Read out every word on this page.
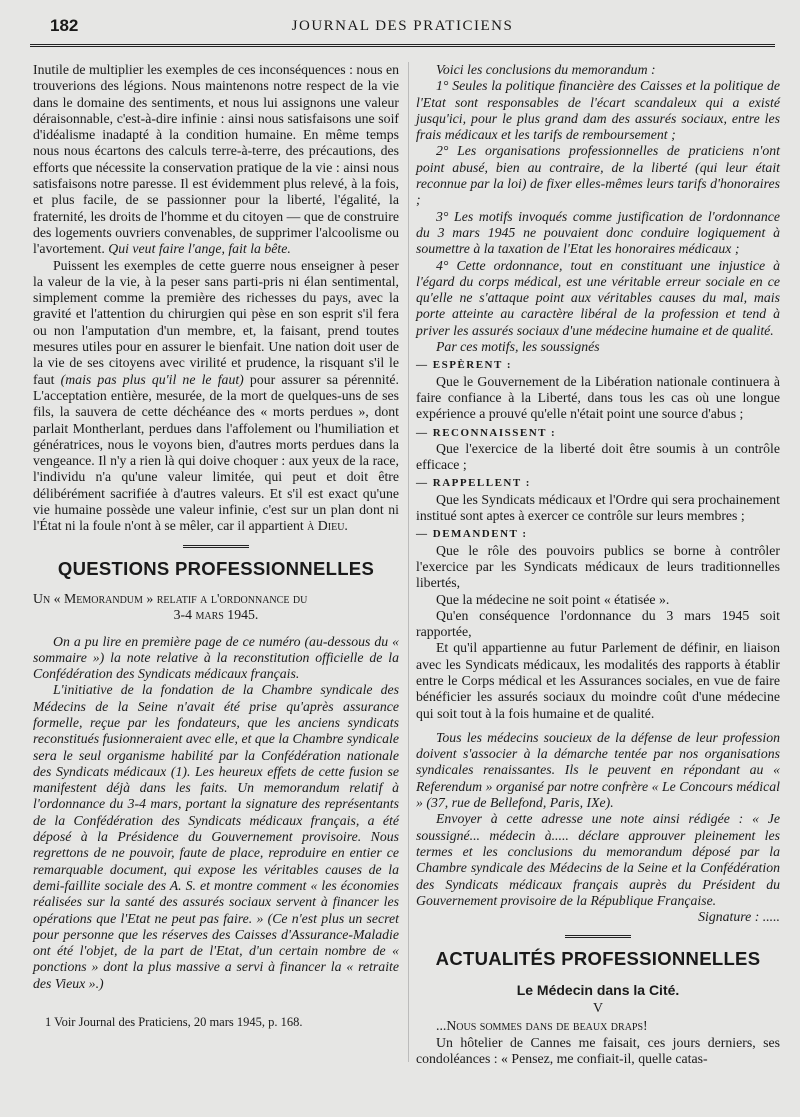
182	JOURNAL DES PRATICIENS

Inutile de multiplier les exemples de ces inconséquences : nous en trouverions des légions. Nous maintenons notre respect de la vie dans le domaine des sentiments, et nous lui assignons une valeur déraisonnable, c'est-à-dire infinie : ainsi nous satisfaisons une soif d'idéalisme inadapté à la condition humaine. En même temps nous nous écartons des calculs terre-à-terre, des précautions, des efforts que nécessite la conservation pratique de la vie : ainsi nous satisfaisons notre paresse. Il est évidemment plus relevé, à la fois, et plus facile, de se passionner pour la liberté, l'égalité, la fraternité, les droits de l'homme et du citoyen — que de construire des logements ouvriers convenables, de supprimer l'alcoolisme ou l'avortement. Qui veut faire l'ange, fait la bête.

Puissent les exemples de cette guerre nous enseigner à peser la valeur de la vie, à la peser sans parti-pris ni élan sentimental, simplement comme la première des richesses du pays, avec la gravité et l'attention du chirurgien qui pèse en son esprit s'il fera ou non l'amputation d'un membre, et, la faisant, prend toutes mesures utiles pour en assurer le bienfait. Une nation doit user de la vie de ses citoyens avec virilité et prudence, la risquant s'il le faut (mais pas plus qu'il ne le faut) pour assurer sa pérennité. L'acceptation entière, mesurée, de la mort de quelques-uns de ses fils, la sauvera de cette déchéance des « morts perdues », dont parlait Montherlant, perdues dans l'affolement ou l'humiliation et génératrices, nous le voyons bien, d'autres morts perdues dans la vengeance. Il n'y a rien là qui doive choquer : aux yeux de la race, l'individu n'a qu'une valeur limitée, qui peut et doit être délibérément sacrifiée à d'autres valeurs. Et s'il est exact qu'une vie humaine possède une valeur infinie, c'est sur un plan dont ni l'État ni la foule n'ont à se mêler, car il appartient à Dieu.

QUESTIONS PROFESSIONNELLES
Un « Memorandum » relatif a l'ordonnance du
3-4 mars 1945.

On a pu lire en première page de ce numéro (au-dessous du « sommaire ») la note relative à la reconstitution officielle de la Confédération des Syndicats médicaux français.

L'initiative de la fondation de la Chambre syndicale des Médecins de la Seine n'avait été prise qu'après assurance formelle, reçue par les fondateurs, que les anciens syndicats reconstitués fusionneraient avec elle, et que la Chambre syndicale sera le seul organisme habilité par la Confédération nationale des Syndicats médicaux (1). Les heureux effets de cette fusion se manifestent déjà dans les faits. Un memorandum relatif à l'ordonnance du 3-4 mars, portant la signature des représentants de la Confédération des Syndicats médicaux français, a été déposé à la Présidence du Gouvernement provisoire. Nous regrettons de ne pouvoir, faute de place, reproduire en entier ce remarquable document, qui expose les véritables causes de la demi-faillite sociale des A. S. et montre comment « les économies réalisées sur la santé des assurés sociaux servent à financer les opérations que l'Etat ne peut pas faire. » (Ce n'est plus un secret pour personne que les réserves des Caisses d'Assurance-Maladie ont été l'objet, de la part de l'Etat, d'un certain nombre de « ponctions » dont la plus massive a servi à financer la « retraite des Vieux ».)

1 Voir Journal des Praticiens, 20 mars 1945, p. 168.

Voici les conclusions du memorandum :

1° Seules la politique financière des Caisses et la politique de l'Etat sont responsables de l'écart scandaleux qui a existé jusqu'ici, pour le plus grand dam des assurés sociaux, entre les frais médicaux et les tarifs de remboursement ;

2° Les organisations professionnelles de praticiens n'ont point abusé, bien au contraire, de la liberté (qui leur était reconnue par la loi) de fixer elles-mêmes leurs tarifs d'honoraires ;

3° Les motifs invoqués comme justification de l'ordonnance du 3 mars 1945 ne pouvaient donc conduire logiquement à soumettre à la taxation de l'Etat les honoraires médicaux ;

4° Cette ordonnance, tout en constituant une injustice à l'égard du corps médical, est une véritable erreur sociale en ce qu'elle ne s'attaque point aux véritables causes du mal, mais porte atteinte au caractère libéral de la profession et tend à priver les assurés sociaux d'une médecine humaine et de qualité.

Par ces motifs, les soussignés

— ESPÈRENT :

Que le Gouvernement de la Libération nationale continuera à faire confiance à la Liberté, dans tous les cas où une longue expérience a prouvé qu'elle n'était point une source d'abus ;

— RECONNAISSENT :

Que l'exercice de la liberté doit être soumis à un contrôle efficace ;

— RAPPELLENT :

Que les Syndicats médicaux et l'Ordre qui sera prochainement institué sont aptes à exercer ce contrôle sur leurs membres ;

— DEMANDENT :

Que le rôle des pouvoirs publics se borne à contrôler l'exercice par les Syndicats médicaux de leurs traditionnelles libertés,

Que la médecine ne soit point « étatisée ».

Qu'en conséquence l'ordonnance du 3 mars 1945 soit rapportée,

Et qu'il appartienne au futur Parlement de définir, en liaison avec les Syndicats médicaux, les modalités des rapports à établir entre le Corps médical et les Assurances sociales, en vue de faire bénéficier les assurés sociaux du moindre coût d'une médecine qui soit tout à la fois humaine et de qualité.

Tous les médecins soucieux de la défense de leur profession doivent s'associer à la démarche tentée par nos organisations syndicales renaissantes. Ils le peuvent en répondant au « Referendum » organisé par notre confrère « Le Concours médical » (37, rue de Bellefond, Paris, IXe).

Envoyer à cette adresse une note ainsi rédigée : « Je soussigné... médecin à..... déclare approuver pleinement les termes et les conclusions du memorandum déposé par la Chambre syndicale des Médecins de la Seine et la Confédération des Syndicats médicaux français auprès du Président du Gouvernement provisoire de la République Française.

Signature : .....

ACTUALITÉS PROFESSIONNELLES
Le Médecin dans la Cité.
V

...Nous sommes dans de beaux draps!

Un hôtelier de Cannes me faisait, ces jours derniers, ses condoléances : « Pensez, me confiait-il, quelle catas-
